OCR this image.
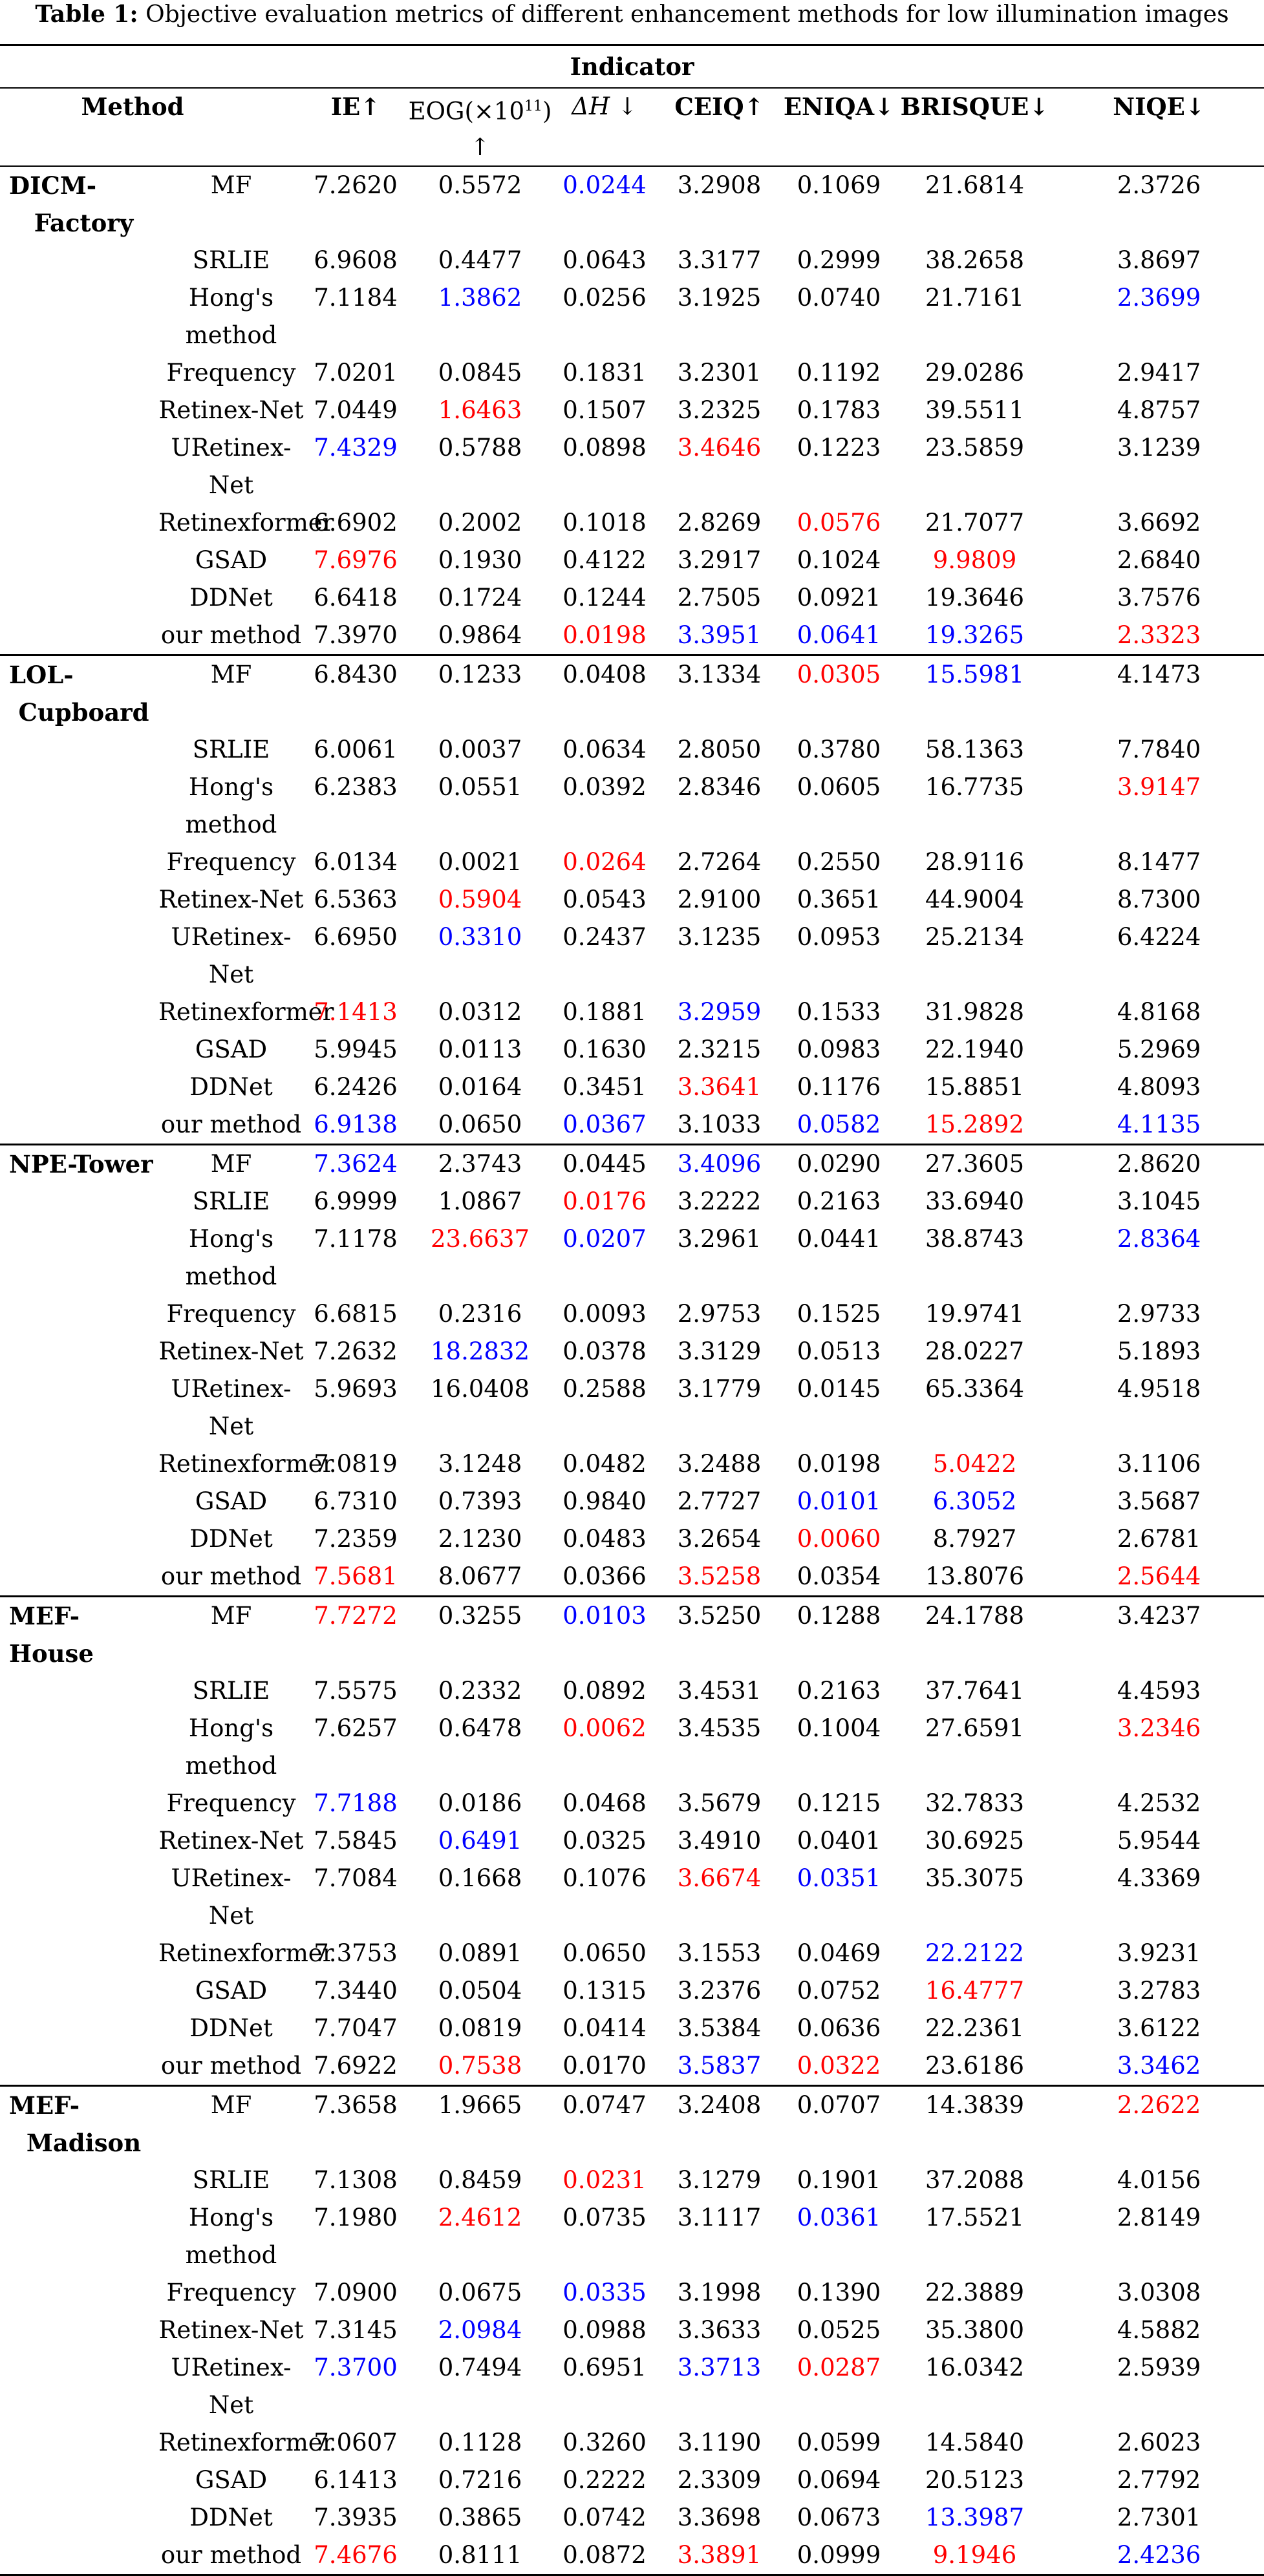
Table 1: Objective evaluation metrics of different enhancement methods for low illumination images
Indicator								
Method		IE↑	$EOG(\times 10^{11})$ ↑	ΔH ↓	CEIQ↑	ENIQA↓	BRISQUE↓	NIQE↓

DICM-
Factory	MF	7.2620	0.5572	0.0244	3.2908	0.1069	21.6814	2.3726

	SRLIE	6.9608	0.4477	0.0643	3.3177	0.2999	38.2658	3.8697

	Hong's
method	7.1184	1.3862	0.0256	3.1925	0.0740	21.7161	2.3699

	Frequency	7.0201	0.0845	0.1831	3.2301	0.1192	29.0286	2.9417

	Retinex-Net	7.0449	1.6463	0.1507	3.2325	0.1783	39.5511	4.8757

	URetinex-
Net	7.4329	0.5788	0.0898	3.4646	0.1223	23.5859	3.1239

	Retinexformer	6.6902	0.2002	0.1018	2.8269	0.0576	21.7077	3.6692

	GSAD	7.6976	0.1930	0.4122	3.2917	0.1024	9.9809	2.6840

	DDNet	6.6418	0.1724	0.1244	2.7505	0.0921	19.3646	3.7576

	our method	7.3970	0.9864	0.0198	3.3951	0.0641	19.3265	2.3323

LOL-
Cupboard	MF	6.8430	0.1233	0.0408	3.1334	0.0305	15.5981	4.1473

	SRLIE	6.0061	0.0037	0.0634	2.8050	0.3780	58.1363	7.7840

	Hong's
method	6.2383	0.0551	0.0392	2.8346	0.0605	16.7735	3.9147

	Frequency	6.0134	0.0021	0.0264	2.7264	0.2550	28.9116	8.1477

	Retinex-Net	6.5363	0.5904	0.0543	2.9100	0.3651	44.9004	8.7300

	URetinex-
Net	6.6950	0.3310	0.2437	3.1235	0.0953	25.2134	6.4224

	Retinexformer	7.1413	0.0312	0.1881	3.2959	0.1533	31.9828	4.8168

	GSAD	5.9945	0.0113	0.1630	2.3215	0.0983	22.1940	5.2969

	DDNet	6.2426	0.0164	0.3451	3.3641	0.1176	15.8851	4.8093

	our method	6.9138	0.0650	0.0367	3.1033	0.0582	15.2892	4.1135

NPE-Tower	MF	7.3624	2.3743	0.0445	3.4096	0.0290	27.3605	2.8620

	SRLIE	6.9999	1.0867	0.0176	3.2222	0.2163	33.6940	3.1045

	Hong's
method	7.1178	23.6637	0.0207	3.2961	0.0441	38.8743	2.8364

	Frequency	6.6815	0.2316	0.0093	2.9753	0.1525	19.9741	2.9733

	Retinex-Net	7.2632	18.2832	0.0378	3.3129	0.0513	28.0227	5.1893

	URetinex-
Net	5.9693	16.0408	0.2588	3.1779	0.0145	65.3364	4.9518

	Retinexformer	7.0819	3.1248	0.0482	3.2488	0.0198	5.0422	3.1106

	GSAD	6.7310	0.7393	0.9840	2.7727	0.0101	6.3052	3.5687

	DDNet	7.2359	2.1230	0.0483	3.2654	0.0060	8.7927	2.6781

	our method	7.5681	8.0677	0.0366	3.5258	0.0354	13.8076	2.5644

MEF-House	MF	7.7272	0.3255	0.0103	3.5250	0.1288	24.1788	3.4237

	SRLIE	7.5575	0.2332	0.0892	3.4531	0.2163	37.7641	4.4593

	Hong's
method	7.6257	0.6478	0.0062	3.4535	0.1004	27.6591	3.2346

	Frequency	7.7188	0.0186	0.0468	3.5679	0.1215	32.7833	4.2532

	Retinex-Net	7.5845	0.6491	0.0325	3.4910	0.0401	30.6925	5.9544

	URetinex-
Net	7.7084	0.1668	0.1076	3.6674	0.0351	35.3075	4.3369

	Retinexformer	7.3753	0.0891	0.0650	3.1553	0.0469	22.2122	3.9231

	GSAD	7.3440	0.0504	0.1315	3.2376	0.0752	16.4777	3.2783

	DDNet	7.7047	0.0819	0.0414	3.5384	0.0636	22.2361	3.6122

	our method	7.6922	0.7538	0.0170	3.5837	0.0322	23.6186	3.3462

MEF-
Madison	MF	7.3658	1.9665	0.0747	3.2408	0.0707	14.3839	2.2622

	SRLIE	7.1308	0.8459	0.0231	3.1279	0.1901	37.2088	4.0156

	Hong's
method	7.1980	2.4612	0.0735	3.1117	0.0361	17.5521	2.8149

	Frequency	7.0900	0.0675	0.0335	3.1998	0.1390	22.3889	3.0308

	Retinex-Net	7.3145	2.0984	0.0988	3.3633	0.0525	35.3800	4.5882

	URetinex-
Net	7.3700	0.7494	0.6951	3.3713	0.0287	16.0342	2.5939

	Retinexformer	7.0607	0.1128	0.3260	3.1190	0.0599	14.5840	2.6023

	GSAD	6.1413	0.7216	0.2222	2.3309	0.0694	20.5123	2.7792

	DDNet	7.3935	0.3865	0.0742	3.3698	0.0673	13.3987	2.7301

	our method	7.4676	0.8111	0.0872	3.3891	0.0999	9.1946	2.4236
